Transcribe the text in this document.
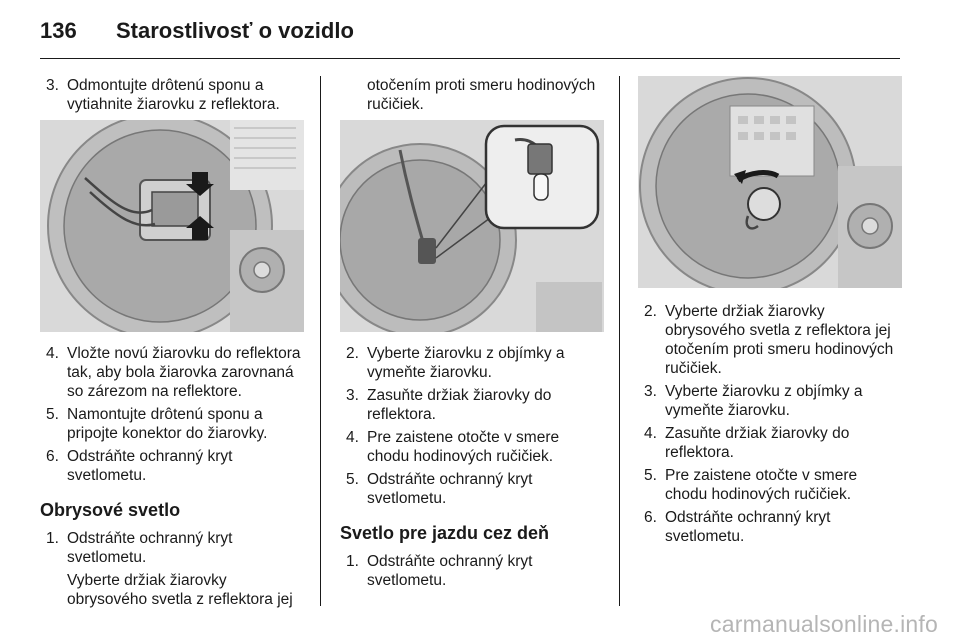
136 Starostlivosť o vozidlo
3. Odmontujte drôtenú sponu a vytiahnite žiarovku z reflektora.
4. Vložte novú žiarovku do reflektora tak, aby bola žiarovka zarovnaná so zárezom na reflektore.
5. Namontujte drôtenú sponu a pripojte konektor do žiarovky.
6. Odstráňte ochranný kryt svetlometu.
Obrysové svetlo
1. Odstráňte ochranný kryt svetlometu.
Vyberte držiak žiarovky obrysového svetla z reflektora jej
otočením proti smeru hodinových ručičiek.
2. Vyberte žiarovku z objímky a vymeňte žiarovku.
3. Zasuňte držiak žiarovky do reflektora.
4. Pre zaistene otočte v smere chodu hodinových ručičiek.
5. Odstráňte ochranný kryt svetlometu.
Svetlo pre jazdu cez deň
1. Odstráňte ochranný kryt svetlometu.
2. Vyberte držiak žiarovky obrysového svetla z reflektora jej otočením proti smeru hodinových ručičiek.
3. Vyberte žiarovku z objímky a vymeňte žiarovku.
4. Zasuňte držiak žiarovky do reflektora.
5. Pre zaistene otočte v smere chodu hodinových ručičiek.
6. Odstráňte ochranný kryt svetlometu.
carmanualsonline.info
